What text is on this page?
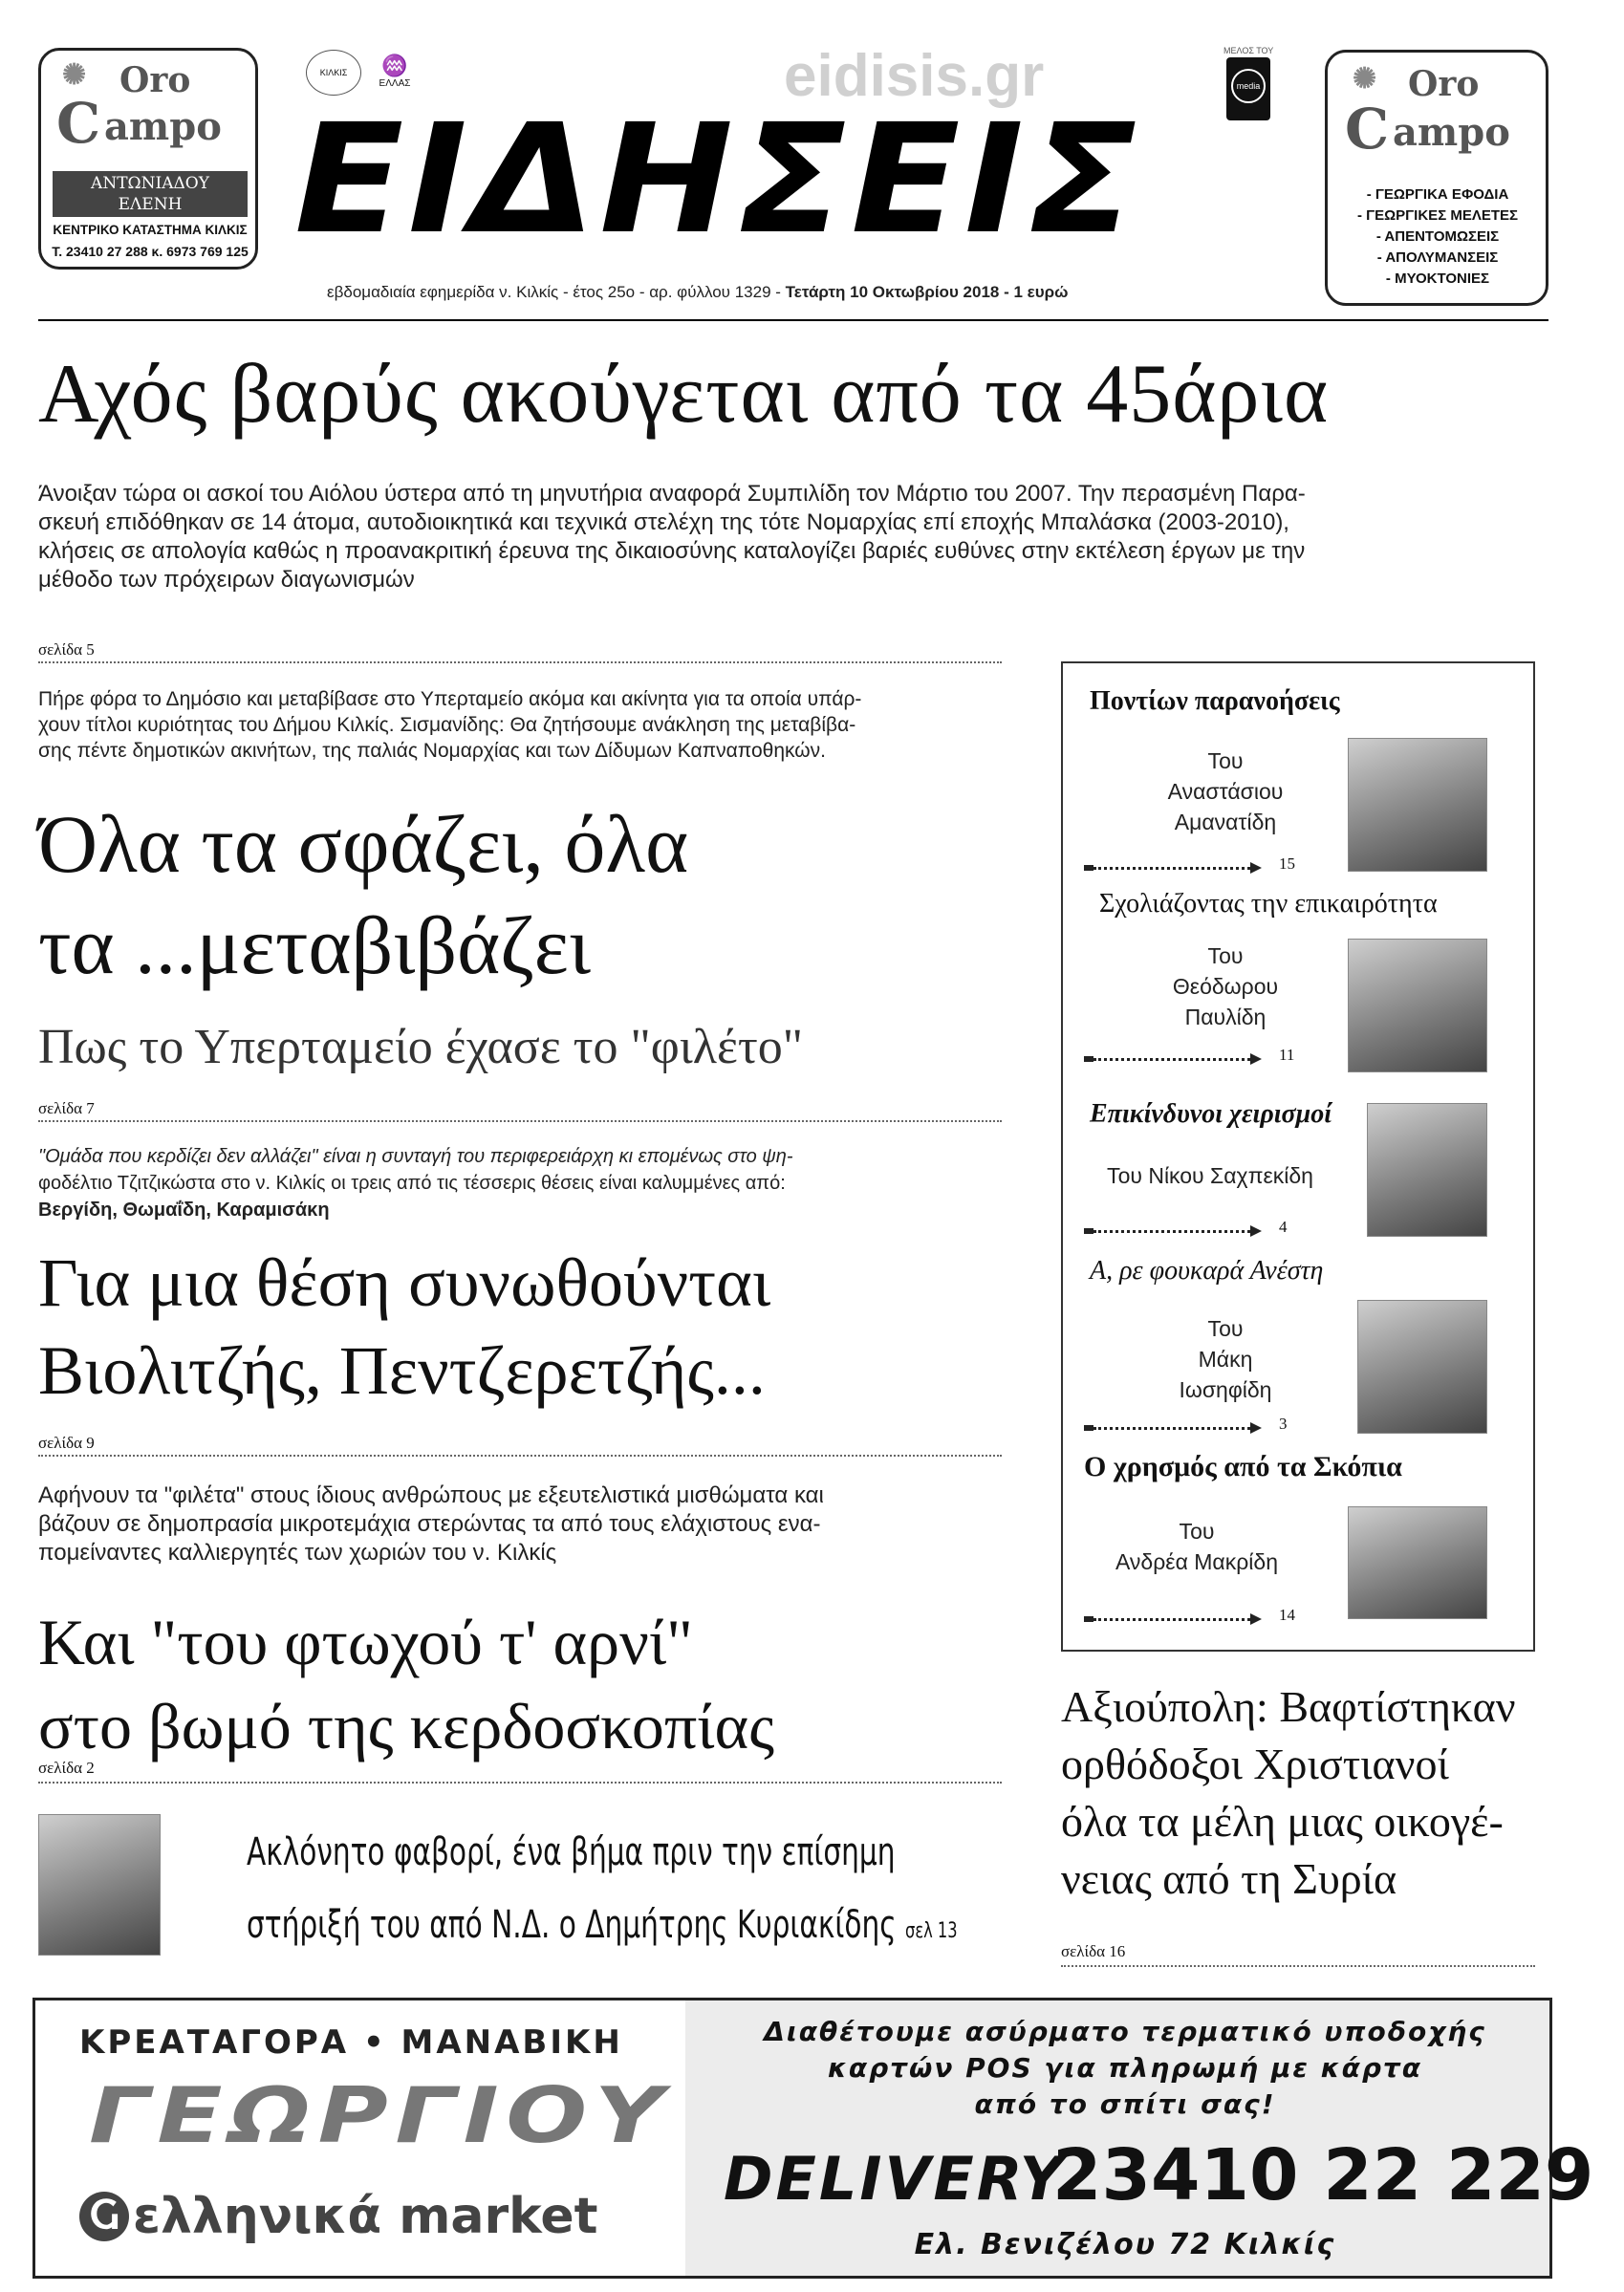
✺ Oro
C ampo
ΑΝΤΩΝΙΑΔΟΥ
ΕΛΕΝΗ
ΚΕΝΤΡΙΚΟ ΚΑΤΑΣΤΗΜΑ ΚΙΛΚΙΣ
Τ. 23410 27 288 κ. 6973 769 125
ΚΙΛΚΙΣ	♒
ΕΛΛΑΣ	eidisis.gr	ΜΕΛΟΣ ΤΟΥ
media
ΕΙΔΗΣΕΙΣ
εβδομαδιαία εφημερίδα ν. Κιλκίς - έτος 25ο - αρ. φύλλου 1329 - Τετάρτη 10 Οκτωβρίου 2018 - 1 ευρώ
✺ Oro
C ampo
- ΓΕΩΡΓΙΚΑ ΕΦΟΔΙΑ
- ΓΕΩΡΓΙΚΕΣ ΜΕΛΕΤΕΣ
- ΑΠΕΝΤΟΜΩΣΕΙΣ
- ΑΠΟΛΥΜΑΝΣΕΙΣ
- ΜΥΟΚΤΟΝΙΕΣ
Αχός βαρύς ακούγεται από τα 45άρια
Άνοιξαν τώρα οι ασκοί του Αιόλου ύστερα από τη μηνυτήρια αναφορά Συμπιλίδη τον Μάρτιο του 2007. Την περασμένη Παρα-
σκευή επιδόθηκαν σε 14 άτομα, αυτοδιοικητικά και τεχνικά στελέχη της τότε Νομαρχίας επί εποχής Μπαλάσκα (2003-2010),
κλήσεις σε απολογία καθώς η προανακριτική έρευνα της δικαιοσύνης καταλογίζει βαριές ευθύνες στην εκτέλεση έργων με την
μέθοδο των πρόχειρων διαγωνισμών
σελίδα 5
Πήρε φόρα το Δημόσιο και μεταβίβασε στο Υπερταμείο ακόμα και ακίνητα για τα οποία υπάρ-
χουν τίτλοι κυριότητας του Δήμου Κιλκίς. Σισμανίδης: Θα ζητήσουμε ανάκληση της μεταβίβα-
σης πέντε δημοτικών ακινήτων, της παλιάς Νομαρχίας και των Δίδυμων Καπναποθηκών.
Όλα τα σφάζει, όλα
τα ...μεταβιβάζει
Πως το Υπερταμείο έχασε το "φιλέτο"
σελίδα 7
"Ομάδα που κερδίζει δεν αλλάζει" είναι η συνταγή του περιφερειάρχη κι επομένως στο ψη-
φοδέλτιο Τζιτζικώστα στο ν. Κιλκίς οι τρεις από τις τέσσερις θέσεις είναι καλυμμένες από:
Βεργίδη, Θωμαΐδη, Καραμισάκη
Για μια θέση συνωθούνται
Βιολιτζής, Πεντζερετζής...
σελίδα 9
Αφήνουν τα "φιλέτα" στους ίδιους ανθρώπους με εξευτελιστικά μισθώματα και
βάζουν σε δημοπρασία μικροτεμάχια στερώντας τα από τους ελάχιστους ενα-
πομείναντες καλλιεργητές των χωριών του ν. Κιλκίς
Και "του φτωχού τ' αρνί"
στο βωμό της κερδοσκοπίας
σελίδα 2
Ακλόνητο φαβορί, ένα βήμα πριν την επίσημη
στήριξή του από Ν.Δ. ο Δημήτρης Κυριακίδης σελ 13
Ποντίων παρανοήσεις
Του
Αναστάσιου
Αμανατίδη
15
Σχολιάζοντας την επικαιρότητα
Του
Θεόδωρου
Παυλίδη
11
Επικίνδυνοι χειρισμοί
Του Νίκου Σαχπεκίδη
4
Α, ρε φουκαρά Ανέστη
Του
Μάκη
Ιωσηφίδη
3
Ο χρησμός από τα Σκόπια
Του
Ανδρέα Μακρίδη
14
Αξιούπολη: Βαφτίστηκαν
ορθόδοξοι Χριστιανοί
όλα τα μέλη μιας οικογέ-
νειας από τη Συρία
σελίδα 16
ΚΡΕΑΤΑΓΟΡΑ • ΜΑΝΑΒΙΚΗ
ΓΕΩΡΓΙΟΥ
Ⴚ ελληνικά market
Διαθέτουμε ασύρματο τερματικό υποδοχής
καρτών POS για πληρωμή με κάρτα
από το σπίτι σας!
DELIVERY
23410 22 229
Ελ. Βενιζέλου 72 Κιλκίς
